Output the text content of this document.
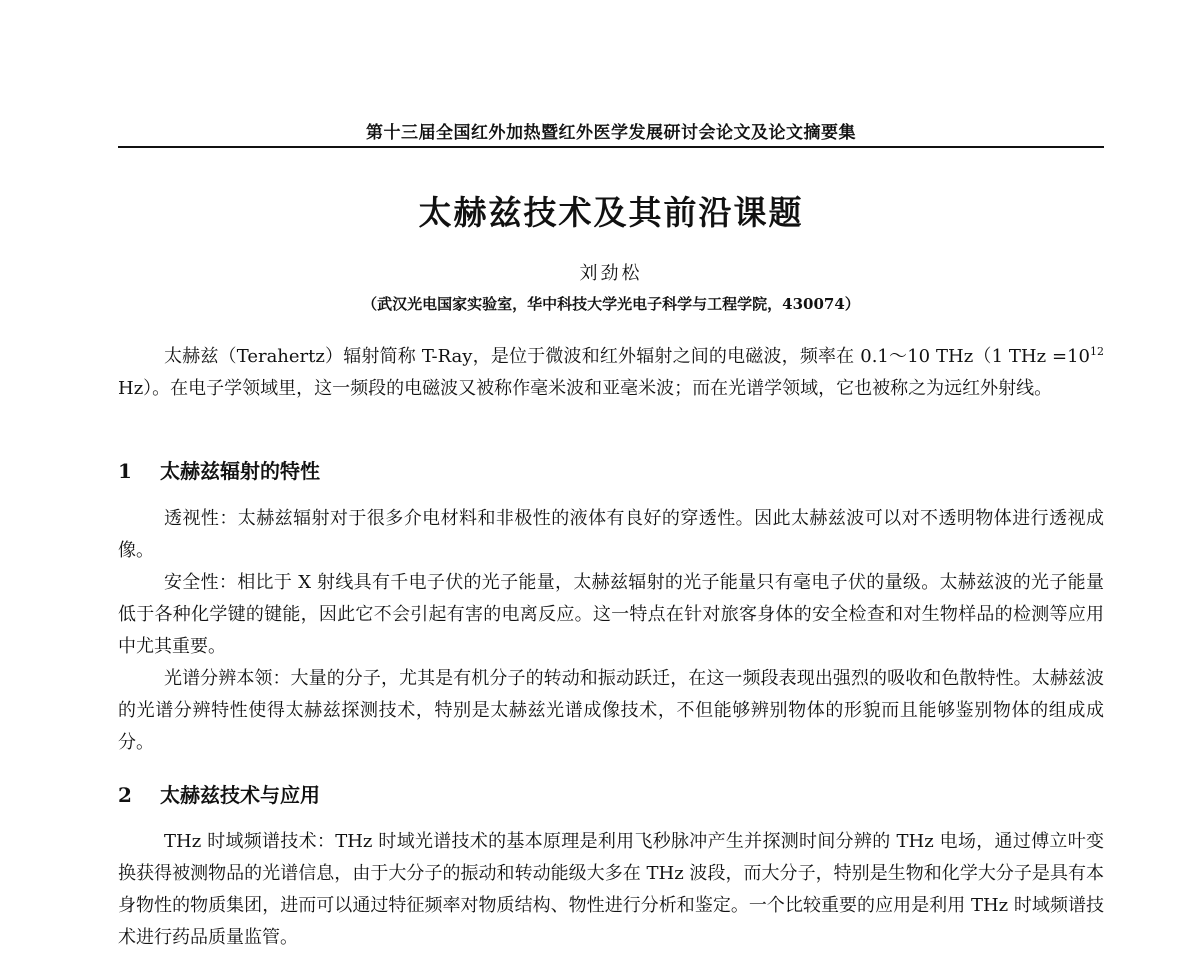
第十三届全国红外加热暨红外医学发展研讨会论文及论文摘要集
太赫兹技术及其前沿课题
刘劲松
（武汉光电国家实验室，华中科技大学光电子科学与工程学院，430074）

太赫兹（Terahertz）辐射简称 T-Ray，是位于微波和红外辐射之间的电磁波，频率在 0.1～10 THz（1 THz $=10^{12}$ Hz）。在电子学领域里，这一频段的电磁波又被称作毫米波和亚毫米波；而在光谱学领域，它也被称之为远红外射线。

1 太赫兹辐射的特性

透视性：太赫兹辐射对于很多介电材料和非极性的液体有良好的穿透性。因此太赫兹波可以对不透明物体进行透视成像。

安全性：相比于 X 射线具有千电子伏的光子能量，太赫兹辐射的光子能量只有毫电子伏的量级。太赫兹波的光子能量低于各种化学键的键能，因此它不会引起有害的电离反应。这一特点在针对旅客身体的安全检查和对生物样品的检测等应用中尤其重要。

光谱分辨本领：大量的分子，尤其是有机分子的转动和振动跃迁，在这一频段表现出强烈的吸收和色散特性。太赫兹波的光谱分辨特性使得太赫兹探测技术，特别是太赫兹光谱成像技术，不但能够辨别物体的形貌而且能够鉴别物体的组成成分。

2 太赫兹技术与应用

THz 时域频谱技术：THz 时域光谱技术的基本原理是利用飞秒脉冲产生并探测时间分辨的 THz 电场，通过傅立叶变换获得被测物品的光谱信息，由于大分子的振动和转动能级大多在 THz 波段，而大分子，特别是生物和化学大分子是具有本身物性的物质集团，进而可以通过特征频率对物质结构、物性进行分析和鉴定。一个比较重要的应用是利用 THz 时域频谱技术进行药品质量监管。
